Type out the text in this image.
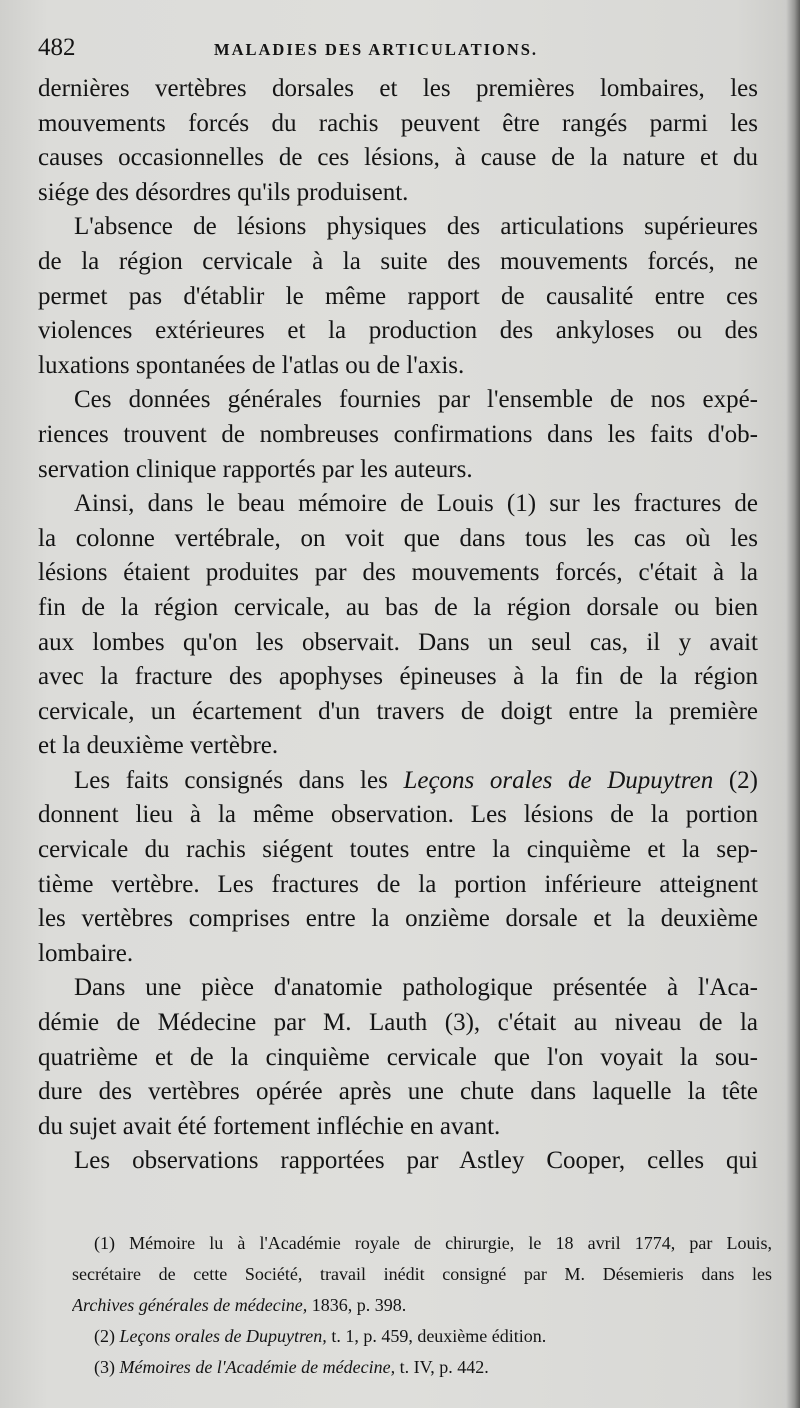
482	MALADIES DES ARTICULATIONS.
dernières vertèbres dorsales et les premières lombaires, les
mouvements forcés du rachis peuvent être rangés parmi les
causes occasionnelles de ces lésions, à cause de la nature et du
siége des désordres qu'ils produisent.
L'absence de lésions physiques des articulations supérieures
de la région cervicale à la suite des mouvements forcés, ne
permet pas d'établir le même rapport de causalité entre ces
violences extérieures et la production des ankyloses ou des
luxations spontanées de l'atlas ou de l'axis.
Ces données générales fournies par l'ensemble de nos expé-
riences trouvent de nombreuses confirmations dans les faits d'ob-
servation clinique rapportés par les auteurs.
Ainsi, dans le beau mémoire de Louis (1) sur les fractures de
la colonne vertébrale, on voit que dans tous les cas où les
lésions étaient produites par des mouvements forcés, c'était à la
fin de la région cervicale, au bas de la région dorsale ou bien
aux lombes qu'on les observait. Dans un seul cas, il y avait
avec la fracture des apophyses épineuses à la fin de la région
cervicale, un écartement d'un travers de doigt entre la première
et la deuxième vertèbre.
Les faits consignés dans les Leçons orales de Dupuytren (2)
donnent lieu à la même observation. Les lésions de la portion
cervicale du rachis siégent toutes entre la cinquième et la sep-
tième vertèbre. Les fractures de la portion inférieure atteignent
les vertèbres comprises entre la onzième dorsale et la deuxième
lombaire.
Dans une pièce d'anatomie pathologique présentée à l'Aca-
démie de Médecine par M. Lauth (3), c'était au niveau de la
quatrième et de la cinquième cervicale que l'on voyait la sou-
dure des vertèbres opérée après une chute dans laquelle la tête
du sujet avait été fortement infléchie en avant.
Les observations rapportées par Astley Cooper, celles qui
(1) Mémoire lu à l'Académie royale de chirurgie, le 18 avril 1774, par Louis,
secrétaire de cette Société, travail inédit consigné par M. Désemieris dans les
Archives générales de médecine, 1836, p. 398.
(2) Leçons orales de Dupuytren, t. 1, p. 459, deuxième édition.
(3) Mémoires de l'Académie de médecine, t. IV, p. 442.
